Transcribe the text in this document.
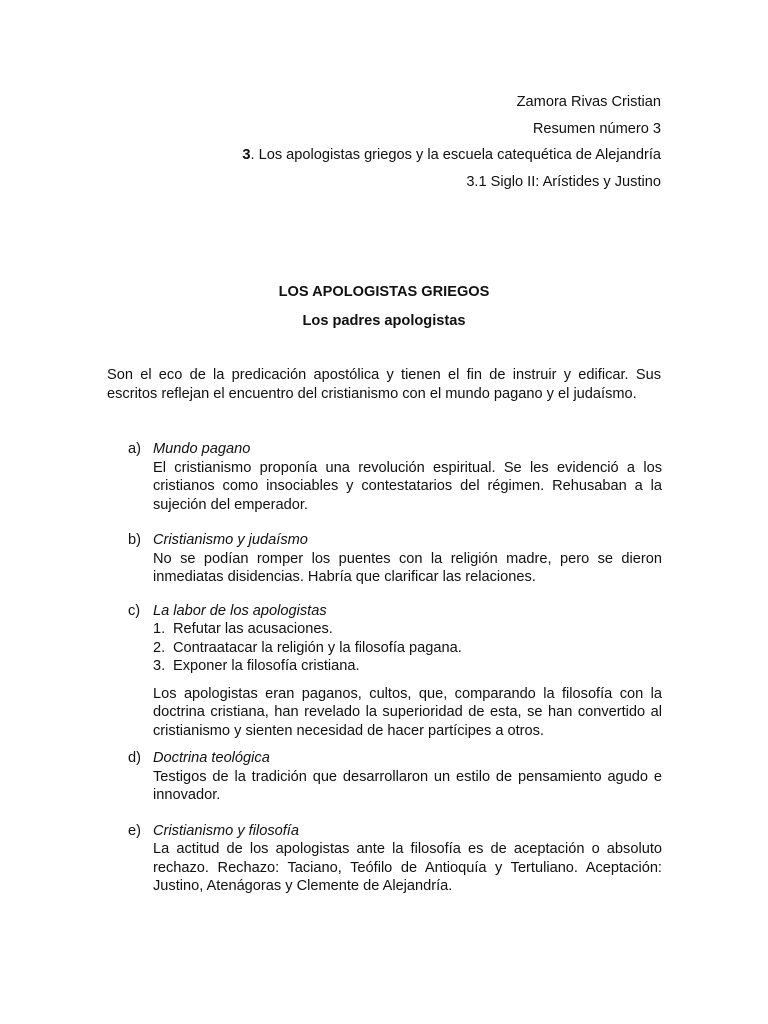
Zamora Rivas Cristian
Resumen número 3
3. Los apologistas griegos y la escuela catequética de Alejandría
3.1 Siglo II: Arístides y Justino
LOS APOLOGISTAS GRIEGOS
Los padres apologistas

Son el eco de la predicación apostólica y tienen el fin de instruir y edificar. Sus escritos reflejan el encuentro del cristianismo con el mundo pagano y el judaísmo.

a) Mundo pagano

El cristianismo proponía una revolución espiritual. Se les evidenció a los cristianos como insociables y contestatarios del régimen. Rehusaban a la sujeción del emperador.

b) Cristianismo y judaísmo

No se podían romper los puentes con la religión madre, pero se dieron inmediatas disidencias. Habría que clarificar las relaciones.

c) La labor de los apologistas
1. Refutar las acusaciones.
2. Contraatacar la religión y la filosofía pagana.
3. Exponer la filosofía cristiana.

Los apologistas eran paganos, cultos, que, comparando la filosofía con la doctrina cristiana, han revelado la superioridad de esta, se han convertido al cristianismo y sienten necesidad de hacer partícipes a otros.

d) Doctrina teológica

Testigos de la tradición que desarrollaron un estilo de pensamiento agudo e innovador.

e) Cristianismo y filosofía

La actitud de los apologistas ante la filosofía es de aceptación o absoluto rechazo. Rechazo: Taciano, Teófilo de Antioquía y Tertuliano. Aceptación: Justino, Atenágoras y Clemente de Alejandría.
